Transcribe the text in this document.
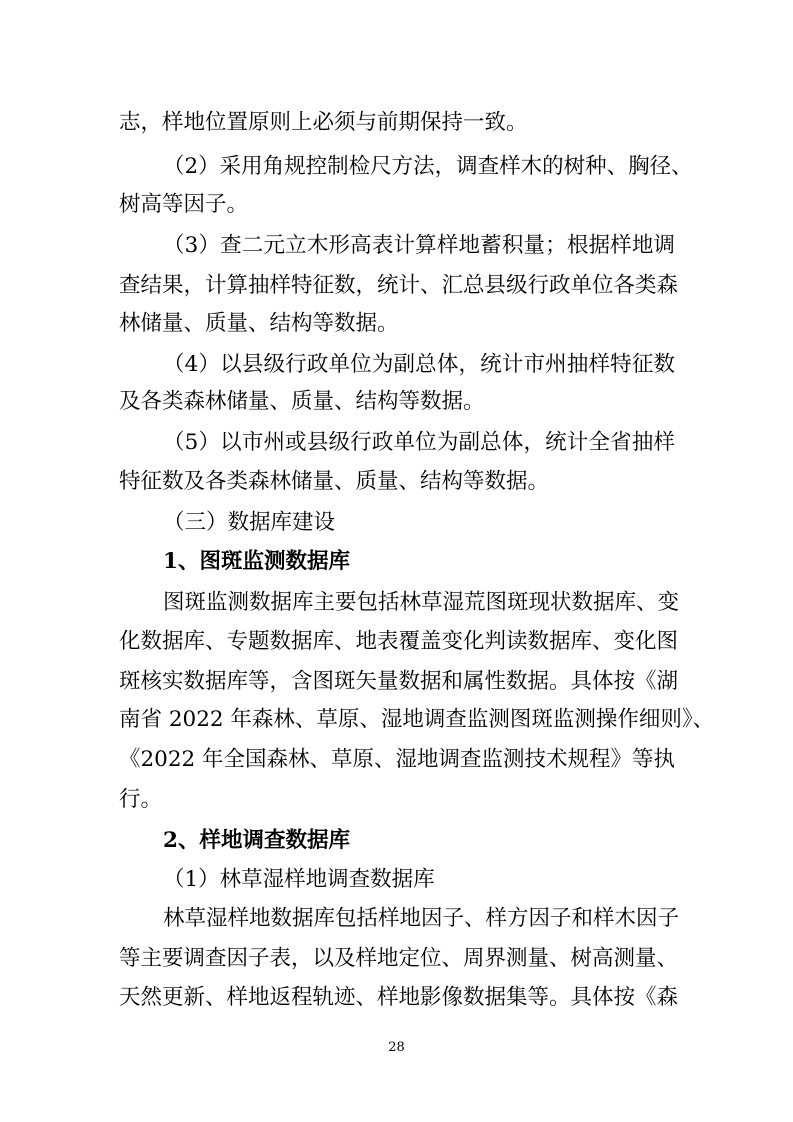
志，样地位置原则上必须与前期保持一致。
（2）采用角规控制检尺方法，调查样木的树种、胸径、
树高等因子。
（3）查二元立木形高表计算样地蓄积量；根据样地调
查结果，计算抽样特征数，统计、汇总县级行政单位各类森
林储量、质量、结构等数据。
（4）以县级行政单位为副总体，统计市州抽样特征数
及各类森林储量、质量、结构等数据。
（5）以市州或县级行政单位为副总体，统计全省抽样
特征数及各类森林储量、质量、结构等数据。
（三）数据库建设
1、图斑监测数据库
图斑监测数据库主要包括林草湿荒图斑现状数据库、变
化数据库、专题数据库、地表覆盖变化判读数据库、变化图
斑核实数据库等，含图斑矢量数据和属性数据。具体按《湖
南省 2022 年森林、草原、湿地调查监测图斑监测操作细则》、
《2022 年全国森林、草原、湿地调查监测技术规程》等执
行。
2、样地调查数据库
（1）林草湿样地调查数据库
林草湿样地数据库包括样地因子、样方因子和样木因子
等主要调查因子表，以及样地定位、周界测量、树高测量、
天然更新、样地返程轨迹、样地影像数据集等。具体按《森
28
